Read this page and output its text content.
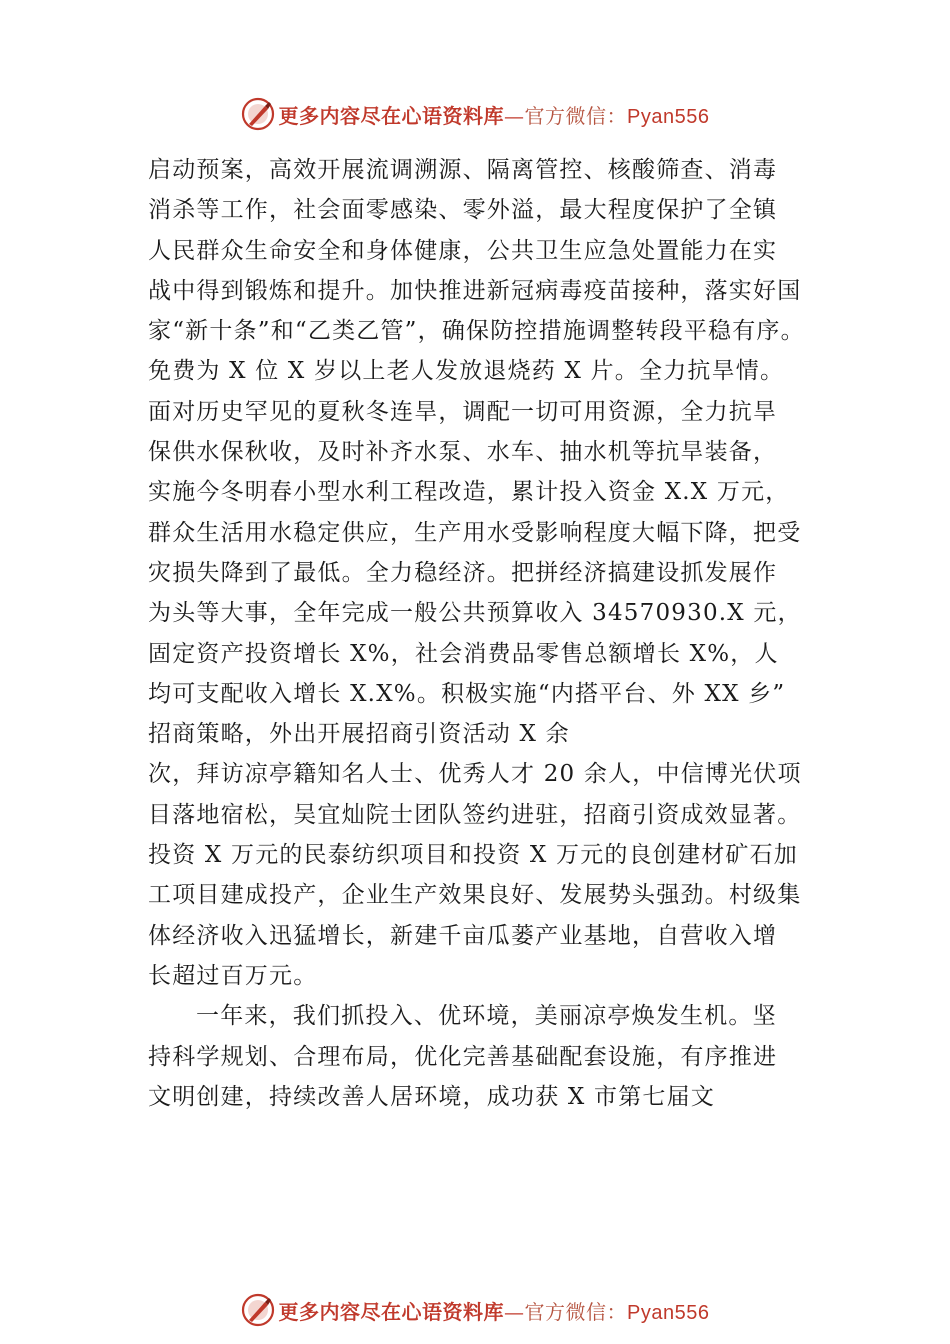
更多内容尽在心语资料库—官方微信：Pyan556
启动预案，高效开展流调溯源、隔离管控、核酸筛查、消毒
消杀等工作，社会面零感染、零外溢，最大程度保护了全镇
人民群众生命安全和身体健康，公共卫生应急处置能力在实
战中得到锻炼和提升。加快推进新冠病毒疫苗接种，落实好国
家“新十条”和“乙类乙管”，确保防控措施调整转段平稳有序。
免费为 X 位 X 岁以上老人发放退烧药 X 片。全力抗旱情。
面对历史罕见的夏秋冬连旱，调配一切可用资源，全力抗旱
保供水保秋收，及时补齐水泵、水车、抽水机等抗旱装备，
实施今冬明春小型水利工程改造，累计投入资金 X.X 万元，
群众生活用水稳定供应，生产用水受影响程度大幅下降，把受
灾损失降到了最低。全力稳经济。把拼经济搞建设抓发展作
为头等大事，全年完成一般公共预算收入 34570930.X 元，
固定资产投资增长 X%，社会消费品零售总额增长 X%，人
均可支配收入增长 X.X%。积极实施“内搭平台、外 XX 乡”
招商策略，外出开展招商引资活动 X 余
次，拜访凉亭籍知名人士、优秀人才 20 余人，中信博光伏项
目落地宿松，吴宜灿院士团队签约进驻，招商引资成效显著。
投资 X 万元的民泰纺织项目和投资 X 万元的良创建材矿石加
工项目建成投产，企业生产效果良好、发展势头强劲。村级集
体经济收入迅猛增长，新建千亩瓜蒌产业基地，自营收入增
长超过百万元。
一年来，我们抓投入、优环境，美丽凉亭焕发生机。坚
持科学规划、合理布局，优化完善基础配套设施，有序推进
文明创建，持续改善人居环境，成功获 X 市第七届文
更多内容尽在心语资料库—官方微信：Pyan556
